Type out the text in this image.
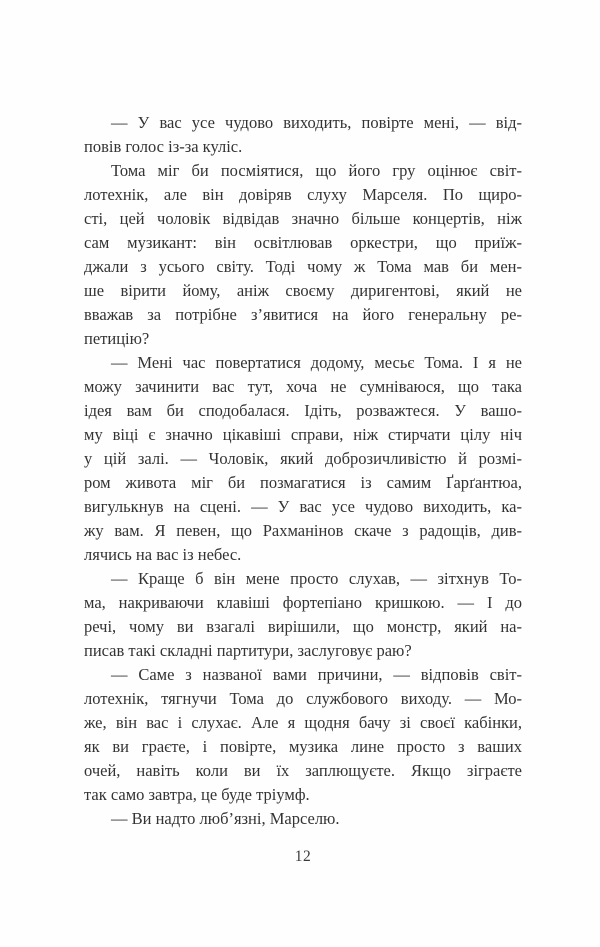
— У вас усе чудово виходить, повірте мені, — від-
повів голос із-за куліс.

Тома міг би посміятися, що його гру оцінює світ-
лотехнік, але він довіряв слуху Марселя. По щиро-
сті, цей чоловік відвідав значно більше концертів, ніж
сам музикант: він освітлював оркестри, що приїж-
джали з усього світу. Тоді чому ж Тома мав би мен-
ше вірити йому, аніж своєму диригентові, який не
вважав за потрібне з’явитися на його генеральну ре-
петицію?

— Мені час повертатися додому, месьє Тома. І я не
можу зачинити вас тут, хоча не сумніваюся, що така
ідея вам би сподобалася. Ідіть, розважтеся. У вашо-
му віці є значно цікавіші справи, ніж стирчати цілу ніч
у цій залі. — Чоловік, який доброзичливістю й розмі-
ром живота міг би позмагатися із самим Ґарґантюа,
вигулькнув на сцені. — У вас усе чудово виходить, ка-
жу вам. Я певен, що Рахманінов скаче з радощів, див-
лячись на вас із небес.

— Краще б він мене просто слухав, — зітхнув То-
ма, накриваючи клавіші фортепіано кришкою. — І до
речі, чому ви взагалі вирішили, що монстр, який на-
писав такі складні партитури, заслуговує раю?

— Саме з названої вами причини, — відповів світ-
лотехнік, тягнучи Тома до службового виходу. — Мо-
же, він вас і слухає. Але я щодня бачу зі своєї кабінки,
як ви граєте, і повірте, музика лине просто з ваших
очей, навіть коли ви їх заплющуєте. Якщо зіграєте
так само завтра, це буде тріумф.

— Ви надто люб’язні, Марселю.

12
